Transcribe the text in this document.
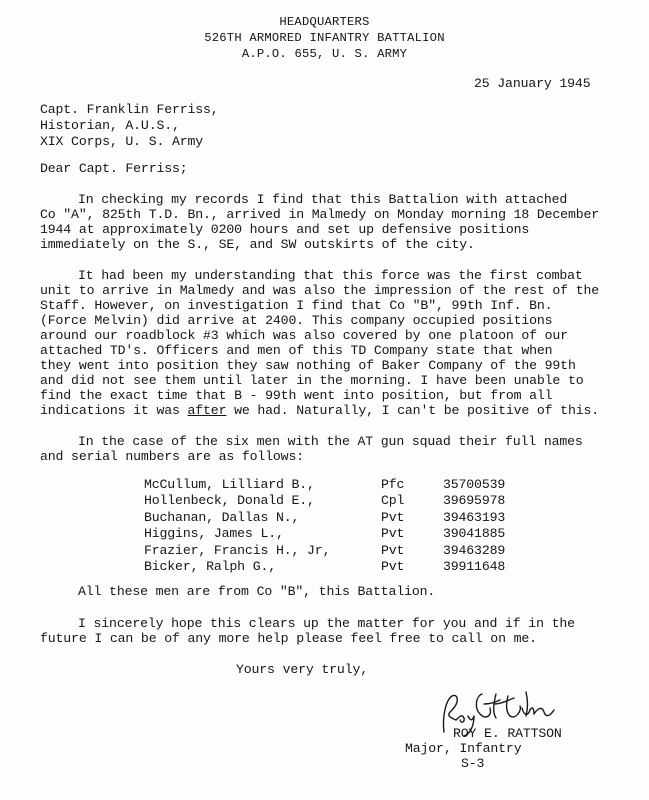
HEADQUARTERS
526TH ARMORED INFANTRY BATTALION
A.P.O. 655, U. S. ARMY
25 January 1945
Capt. Franklin Ferriss,
Historian, A.U.S.,
XIX Corps, U. S. Army
Dear Capt. Ferriss;
In checking my records I find that this Battalion with attached
Co "A", 825th T.D. Bn., arrived in Malmedy on Monday morning 18 December
1944 at approximately 0200 hours and set up defensive positions
immediately on the S., SE, and SW outskirts of the city.
It had been my understanding that this force was the first combat
unit to arrive in Malmedy and was also the impression of the rest of the
Staff. However, on investigation I find that Co "B", 99th Inf. Bn.
(Force Melvin) did arrive at 2400. This company occupied positions
around our roadblock #3 which was also covered by one platoon of our
attached TD's. Officers and men of this TD Company state that when
they went into position they saw nothing of Baker Company of the 99th
and did not see them until later in the morning. I have been unable to
find the exact time that B - 99th went into position, but from all
indications it was after we had. Naturally, I can't be positive of this.
In the case of the six men with the AT gun squad their full names
and serial numbers are as follows:
McCullum, Lilliard B.,	Pfc	35700539
Hollenbeck, Donald E.,	Cpl	39695978
Buchanan, Dallas N.,	Pvt	39463193
Higgins, James L.,	Pvt	39041885
Frazier, Francis H., Jr,	Pvt	39463289
Bicker, Ralph G.,	Pvt	39911648
All these men are from Co "B", this Battalion.
I sincerely hope this clears up the matter for you and if in the
future I can be of any more help please feel free to call on me.
Yours very truly,
ROY E. RATTSON
Major, Infantry
S-3
